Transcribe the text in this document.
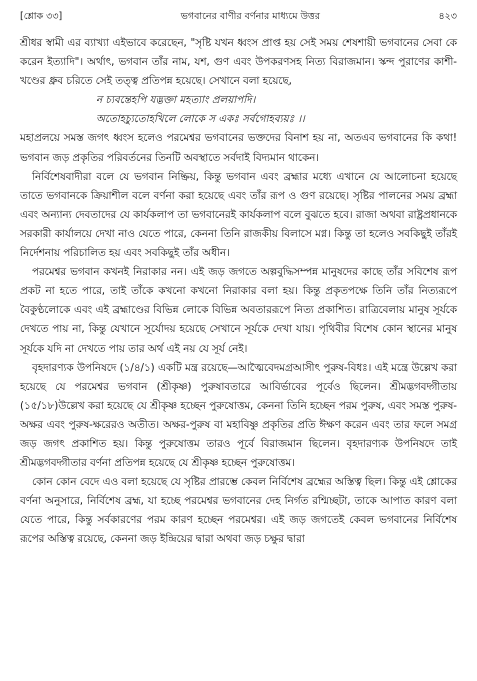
[শ্লোক ৩৩]	ভগবানের বাণীর বর্ণনার মাধ্যমে উত্তর	৪২৩

শ্রীধর স্বামী এর ব্যাখ্যা এইভাবে করেছেন, "সৃষ্টি যখন ধ্বংস প্রাপ্ত হয় সেই সময় শেষশায়ী ভগবানের সেবা কে করেন ইত্যাদি"। অর্থাৎ, ভগবান তাঁর নাম, যশ, গুণ এবং উপকরণসহ নিত্য বিরাজমান। স্কন্দ পুরাণের কাশী-খণ্ডের ধ্রুব চরিতে সেই তত্ত্ব প্রতিপন্ন হয়েছে। সেখানে বলা হয়েছে,

ন চ্যবন্তেহপি যদ্ভক্তা মহত্যাং প্রলয়াপদি।
অতোহচ্যুতোহখিলে লোকে স একঃ সর্বগোহব্যয়ঃ ।।

মহাপ্রলয়ে সমস্ত জগৎ ধ্বংস হলেও পরমেশ্বর ভগবানের ভক্তদের বিনাশ হয় না, অতএব ভগবানের কি কথা! ভগবান জড় প্রকৃতির পরিবর্তনের তিনটি অবস্থাতে সর্বদাই বিদ্যমান থাকেন।

নির্বিশেষবাদীরা বলে যে ভগবান নিষ্ক্রিয়, কিন্তু ভগবান এবং ব্রহ্মার মধ্যে এখানে যে আলোচনা হয়েছে তাতে ভগবানকে ক্রিয়াশীল বলে বর্ণনা করা হয়েছে এবং তাঁর রূপ ও গুণ রয়েছে। সৃষ্টির পালনের সময় ব্রহ্মা এবং অন্যান্য দেবতাদের যে কার্যকলাপ তা ভগবানেরই কার্যকলাপ বলে বুঝতে হবে। রাজা অথবা রাষ্ট্রপ্রধানকে সরকারী কার্যালয়ে দেখা নাও যেতে পারে, কেননা তিনি রাজকীয় বিলাসে মগ্ন। কিন্তু তা হলেও সবকিছুই তাঁরই নির্দেশনায় পরিচালিত হয় এবং সবকিছুই তাঁর অধীন।

পরমেশ্বর ভগবান কখনই নিরাকার নন। এই জড় জগতে অল্পবুদ্ধিসম্পন্ন মানুষদের কাছে তাঁর সবিশেষ রূপ প্রকট না হতে পারে, তাই তাঁকে কখনো কখনো নিরাকার বলা হয়। কিন্তু প্রকৃতপক্ষে তিনি তাঁর নিত্যরূপে বৈকুণ্ঠলোকে এবং এই ব্রহ্মাণ্ডের বিভিন্ন লোকে বিভিন্ন অবতাররূপে নিত্য প্রকাশিত। রাত্রিবেলায় মানুষ সূর্যকে দেখতে পায় না, কিন্তু যেখানে সূর্যোদয় হয়েছে সেখানে সূর্যকে দেখা যায়। পৃথিবীর বিশেষ কোন স্থানের মানুষ সূর্যকে যদি না দেখতে পায় তার অর্থ এই নয় যে সূর্য নেই।

বৃহদারণ্যক উপনিষদে (১/৪/১) একটি মন্ত্র রয়েছে—আত্মৈবেদমগ্রআসীৎ পুরুষ-বিধঃ। এই মন্ত্রে উল্লেখ করা হয়েছে যে পরমেশ্বর ভগবান (শ্রীকৃষ্ণ) পুরুষাবতারে আবির্ভাবের পূর্বেও ছিলেন। শ্রীমদ্ভগবদ্গীতায় (১৫/১৮)উল্লেখ করা হয়েছে যে শ্রীকৃষ্ণ হচ্ছেন পুরুষোত্তম, কেননা তিনি হচ্ছেন পরম পুরুষ, এবং সমস্ত পুরুষ-অক্ষর এবং পুরুষ-ক্ষরেরও অতীত। অক্ষর-পুরুষ বা মহাবিষ্ণু প্রকৃতির প্রতি ঈক্ষণ করেন এবং তার ফলে সমগ্র জড় জগৎ প্রকাশিত হয়। কিন্তু পুরুষোত্তম তারও পূর্বে বিরাজমান ছিলেন। বৃহদারণ্যক উপনিষদে তাই শ্রীমদ্ভগবদ্গীতার বর্ণনা প্রতিপন্ন হয়েছে যে শ্রীকৃষ্ণ হচ্ছেন পুরুষোত্তম।

কোন কোন বেদে এও বলা হয়েছে যে সৃষ্টির প্রারম্ভে কেবল নির্বিশেষ ব্রহ্মের অস্তিত্ব ছিল। কিন্তু এই শ্লোকের বর্ণনা অনুসারে, নির্বিশেষ ব্রহ্ম, যা হচ্ছে পরমেশ্বর ভগবানের দেহ নির্গত রশ্মিচ্ছটা, তাকে আপাত কারণ বলা যেতে পারে, কিন্তু সর্বকারণের পরম কারণ হচ্ছেন পরমেশ্বর। এই জড় জগতেই কেবল ভগবানের নির্বিশেষ রূপের অস্তিত্ব রয়েছে, কেননা জড় ইন্দ্রিয়ের দ্বারা অথবা জড় চক্ষুর দ্বারা
